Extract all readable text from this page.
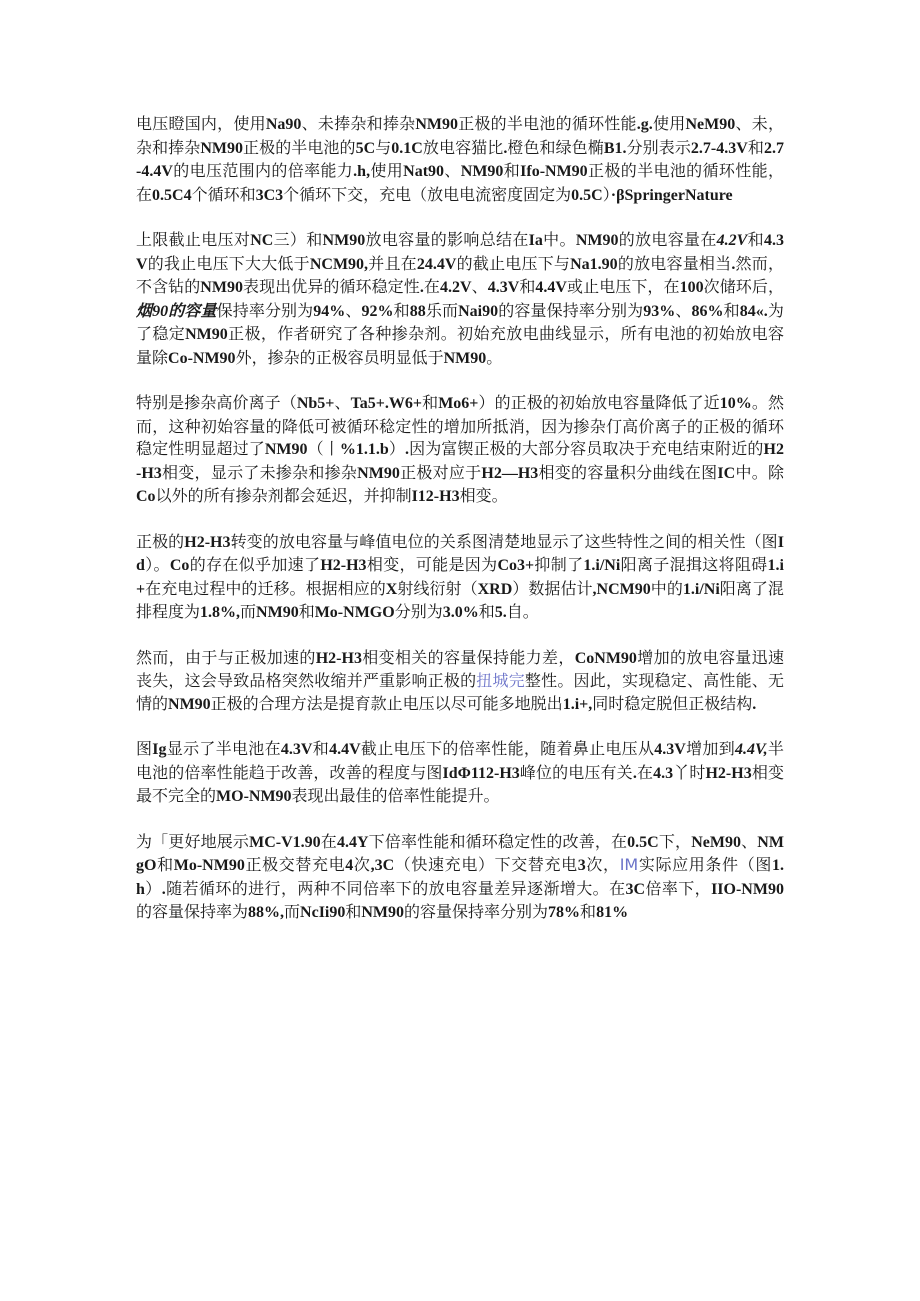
电压瞪国内，使用Na90、未捧杂和捧杂NM90正极的半电池的循环性能.g.使用NeM90、未，杂和捧杂NM90正极的半电池的5C与0.1C放电容猫比.橙色和绿色椭B1.分别表示2.7-4.3V和2.7-4.4V的电压范围内的倍率能力.h,使用Nat90、NM90和Ifo-NM90正极的半电池的循环性能，在0.5C4个循环和3C3个循环下交，充电（放电电流密度固定为0.5C）·βSpringerNature

上限截止电压对NC三）和NM90放电容量的影响总结在Ia中。NM90的放电容量在4.2V和4.3V的我止电压下大大低于NCM90,并且在24.4V的截止电压下与Na1.90的放电容量相当.然而，不含钻的NM90表现出优异的循环稳定性.在4.2V、4.3V和4.4V或止电压下，在100次储环后，烟90的容量保持率分别为94%、92%和88乐而Nai90的容量保持率分别为93%、86%和84«.为了稳定NM90正极，作者研究了各种掺杂剂。初始充放电曲线显示，所有电池的初始放电容量除Co-NM90外，掺杂的正极容员明显低于NM90。

特别是掺杂高价离子（Nb5+、Ta5+.W6+和Mo6+）的正极的初始放电容量降低了近10%。然而，这种初始容量的降低可被循环稔定性的增加所抵消，因为掺杂仃高价离子的正极的循环稳定性明显超过了NM90（丨%1.1.b）.因为富锲正极的大部分容员取决于充电结束附近的H2-H3相变，显示了未掺杂和掺杂NM90正极对应于H2—H3相变的容量积分曲线在图IC中。除Co以外的所有掺杂剂都会延迟，并抑制I12-H3相变。

正极的H2-H3转变的放电容量与峰值电位的关系图清楚地显示了这些特性之间的相关性（图Id）。Co的存在似乎加速了H2-H3相变，可能是因为Co3+抑制了1.i/Ni阳离子混揖这将阻碍1.i+在充电过程中的迁移。根据相应的X射线衍射（XRD）数据估计,NCM90中的1.i/Ni阳离了混排程度为1.8%,而NM90和Mo-NMGO分别为3.0%和5.自。

然而，由于与正极加速的H2-H3相变相关的容量保持能力差，CoNM90增加的放电容量迅速丧失，这会导致品格突然收缩并严重影响正极的扭城完整性。因此，实现稳定、高性能、无情的NM90正极的合理方法是提育款止电压以尽可能多地脱出1.i+,同时稳定脱但正极结构.

图Ig显示了半电池在4.3V和4.4V截止电压下的倍率性能，随着鼻止电压从4.3V增加到4.4V,半电池的倍率性能趋于改善，改善的程度与图IdΦ112-H3峰位的电压有关.在4.3丫时H2-H3相变最不完全的MO-NM90表现出最佳的倍率性能提升。

为「更好地展示MC-V1.90在4.4Y下倍率性能和循环稳定性的改善，在0.5C下，NeM90、NMgO和Mo-NM90正极交替充电4次,3C（快速充电）下交替充电3次，IM实际应用条件（图1.h）.随若循环的进行，两种不同倍率下的放电容量差异逐渐增大。在3C倍率下，IIO-NM90的容量保持率为88%,而NcIi90和NM90的容量保持率分别为78%和81%
